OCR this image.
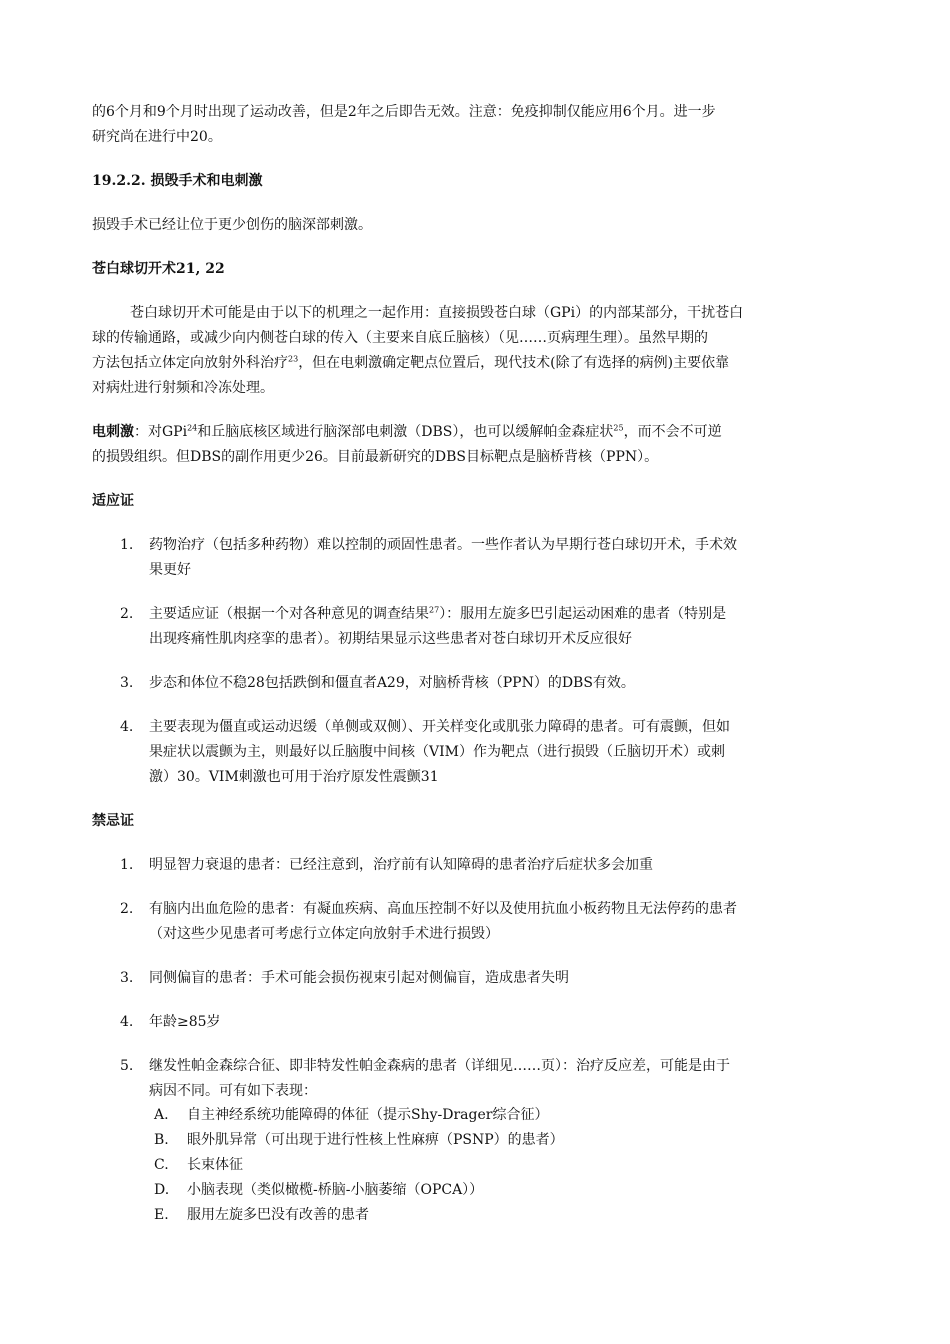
的6个月和9个月时出现了运动改善，但是2年之后即告无效。注意：免疫抑制仅能应用6个月。进一步
研究尚在进行中20。
19.2.2. 损毁手术和电刺激
损毁手术已经让位于更少创伤的脑深部刺激。
苍白球切开术21, 22
苍白球切开术可能是由于以下的机理之一起作用：直接损毁苍白球（GPi）的内部某部分，干扰苍白
球的传输通路，或减少向内侧苍白球的传入（主要来自底丘脑核）（见……页病理生理）。虽然早期的
方法包括立体定向放射外科治疗$^{23}$，但在电刺激确定靶点位置后，现代技术(除了有选择的病例)主要依靠
对病灶进行射频和冷冻处理。
电刺激：对GPi$^{24}$和丘脑底核区域进行脑深部电刺激（DBS），也可以缓解帕金森症状$^{25}$，而不会不可逆
的损毁组织。但DBS的副作用更少26。目前最新研究的DBS目标靶点是脑桥背核（PPN）。
适应证
1. 药物治疗（包括多种药物）难以控制的顽固性患者。一些作者认为早期行苍白球切开术，手术效
果更好
2. 主要适应证（根据一个对各种意见的调查结果$^{27}$）：服用左旋多巴引起运动困难的患者（特别是
出现疼痛性肌肉痉挛的患者）。初期结果显示这些患者对苍白球切开术反应很好
3. 步态和体位不稳28包括跌倒和僵直者A29，对脑桥背核（PPN）的DBS有效。
4. 主要表现为僵直或运动迟缓（单侧或双侧）、开关样变化或肌张力障碍的患者。可有震颤，但如
果症状以震颤为主，则最好以丘脑腹中间核（VIM）作为靶点（进行损毁（丘脑切开术）或刺
激）30。VIM刺激也可用于治疗原发性震颤31
禁忌证
1. 明显智力衰退的患者：已经注意到，治疗前有认知障碍的患者治疗后症状多会加重
2. 有脑内出血危险的患者：有凝血疾病、高血压控制不好以及使用抗血小板药物且无法停药的患者
（对这些少见患者可考虑行立体定向放射手术进行损毁）
3. 同侧偏盲的患者：手术可能会损伤视束引起对侧偏盲，造成患者失明
4. 年龄≥85岁
5. 继发性帕金森综合征、即非特发性帕金森病的患者（详细见……页）：治疗反应差，可能是由于
病因不同。可有如下表现：
A. 自主神经系统功能障碍的体征（提示Shy-Drager综合征）
B. 眼外肌异常（可出现于进行性核上性麻痹（PSNP）的患者）
C. 长束体征
D. 小脑表现（类似橄榄-桥脑-小脑萎缩（OPCA））
E. 服用左旋多巴没有改善的患者
